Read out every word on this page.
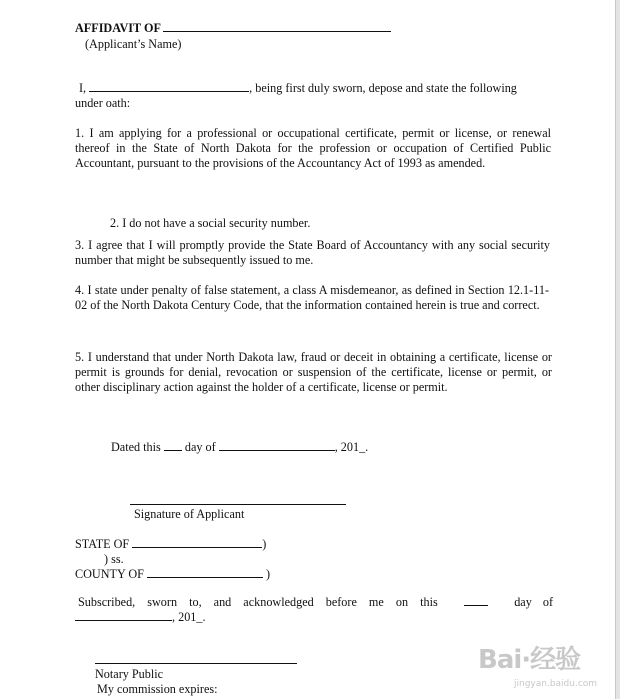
AFFIDAVIT OF
(Applicant’s Name)
I,	, being first duly sworn, depose and state the following
under oath:
1. I am applying for a professional or occupational certificate, permit or license, or renewal thereof in the State of North Dakota for the profession or occupation of Certified Public Accountant, pursuant to the provisions of the Accountancy Act of 1993 as amended.
2. I do not have a social security number.
3. I agree that I will promptly provide the State Board of Accountancy with any social security number that might be subsequently issued to me.
4. I state under penalty of false statement, a class A misdemeanor, as defined in Section 12.1-11-02 of the North Dakota Century Code, that the information contained herein is true and correct.
5. I understand that under North Dakota law, fraud or deceit in obtaining a certificate, license or permit is grounds for denial, revocation or suspension of the certificate, license or permit, or other disciplinary action against the holder of a certificate, license or permit.
Dated this day of	, 201_.
Signature of Applicant
STATE OF	)
) ss.
COUNTY OF	)
Subscribed, sworn to, and acknowledged before me on this	day of
, 201_.
Notary Public
My commission expires:
Bai·经验
jingyan.baidu.com
